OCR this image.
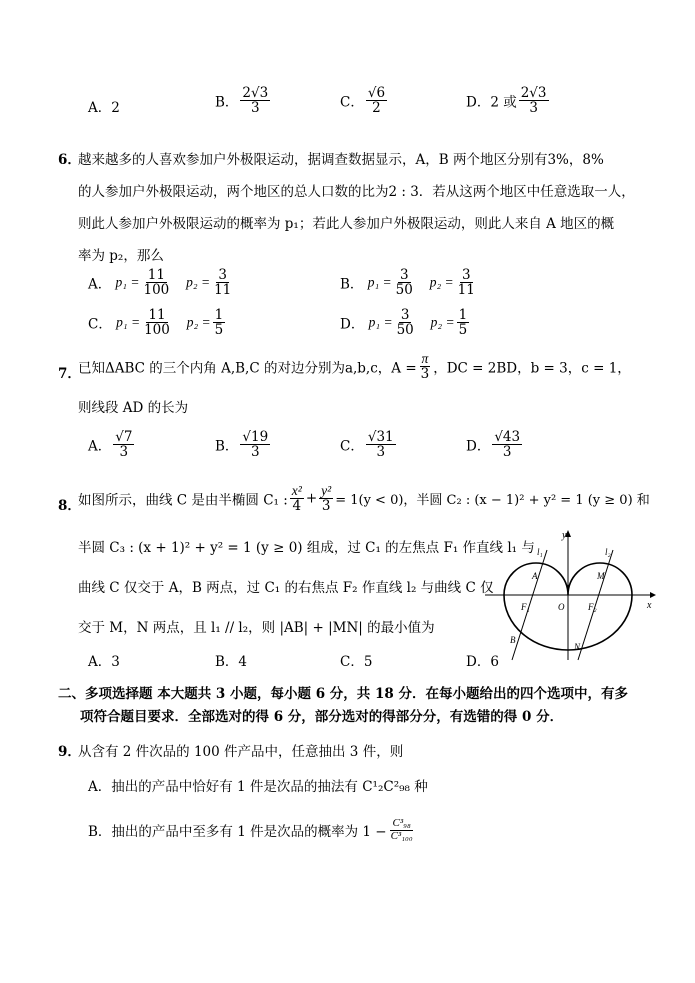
A．2	B． $\frac{2√3}{3}$	C． $\frac{√6}{2}$	D．2 或 $\frac{2√3}{3}$
6．
越来越多的人喜欢参加户外极限运动，据调查数据显示，A，B 两个地区分别有3%，8%
的人参加户外极限运动，两个地区的总人口数的比为2 : 3．若从这两个地区中任意选取一人，
则此人参加户外极限运动的概率为 p₁；若此人参加户外极限运动，则此人来自 A 地区的概
率为 p₂，那么
A． $p_1 = \frac{11}{100} p_2 = \frac{3}{11}$	B． $p_1 = \frac{3}{50} p_2 = \frac{3}{11}$
C． $p_1 = \frac{11}{100} p_2 = \frac{1}{5}$	D． $p_1 = \frac{3}{50} p_2 = \frac{1}{5}$
7．
已知ΔABC 的三个内角 A,B,C 的对边分别为a,b,c，$A = \frac{\pi}{3}$ ，DC = 2BD，b = 3，c = 1，
则线段 AD 的长为
A． $\frac{√7}{3}$	B． $\frac{√19}{3}$	C． $\frac{√31}{3}$	D． $\frac{√43}{3}$
8．
如图所示，曲线 C 是由半椭圆 C₁ : $\frac{\text{x²}}{4} + \frac{\text{y²}}{3} = 1(y < 0)$，半圆 C₂ : (x − 1)² + y² = 1 (y ≥ 0) 和
半圆 C₃ : (x + 1)² + y² = 1 (y ≥ 0) 组成，过 C₁ 的左焦点 F₁ 作直线 l₁ 与
曲线 C 仅交于 A，B 两点，过 C₁ 的右焦点 F₂ 作直线 l₂ 与曲线 C 仅
交于 M，N 两点，且 l₁ // l₂，则 |AB| + |MN| 的最小值为
A．3	B．4	C．5	D．6
y
x
l₁	l₂
A	M
F₁	O	F₂
B
N
二、多项选择题 本大题共 3 小题，每小题 6 分，共 18 分．在每小题给出的四个选项中，有多
项符合题目要求．全部选对的得 6 分，部分选对的得部分分，有选错的得 0 分．
9．
从含有 2 件次品的 100 件产品中，任意抽出 3 件，则
A．抽出的产品中恰好有 1 件是次品的抽法有 C¹₂C²₉₈ 种
B．抽出的产品中至多有 1 件是次品的概率为 $1 - \frac{\text{C³₉₈}}{\text{C³₁₀₀}}$
